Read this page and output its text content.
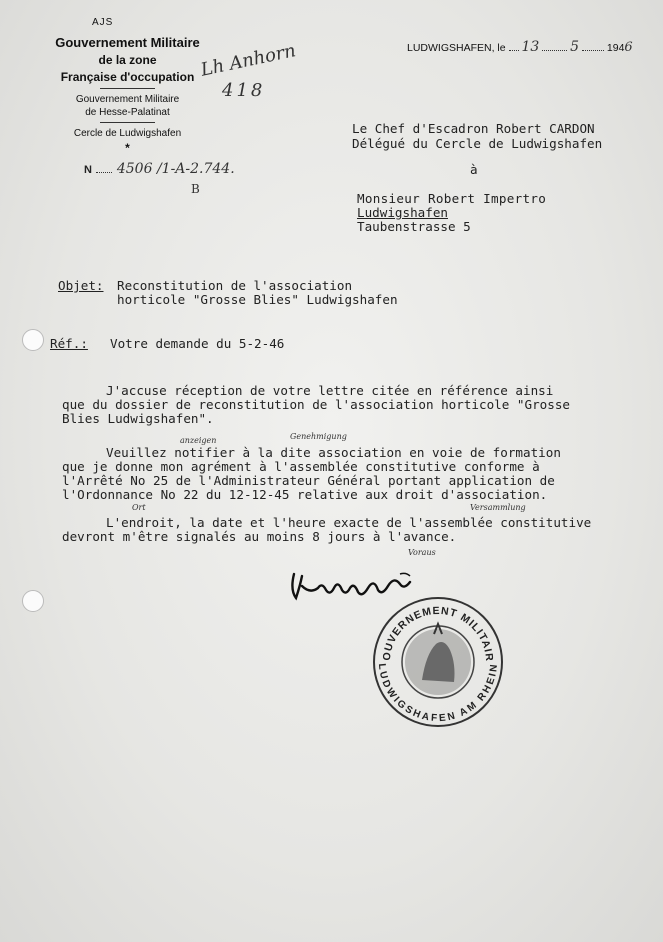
AJS
Gouvernement Militaire
de la zone
Française d'occupation
Gouvernement Militaire
de Hesse-Palatinat
Cercle de Ludwigshafen
*
Lh Anhorn
418
N 4506 /1-A-2.744.
B
LUDWIGSHAFEN, le 13 5	1946
Le Chef d'Escadron Robert CARDON
Délégué du Cercle de Ludwigshafen
à
Monsieur Robert Impertro
Ludwigshafen
Taubenstrasse 5
Objet: Reconstitution de l'association
horticole "Grosse Blies" Ludwigshafen
Réf.: Votre demande du 5-2-46
J'accuse réception de votre lettre citée en référence ainsi
que du dossier de reconstitution de l'association horticole "Grosse
Blies Ludwigshafen".
anzeigen	Genehmigung
Veuillez notifier à la dite association en voie de formation
que je donne mon agrément à l'assemblée constitutive conforme à
l'Arrêté No 25 de l'Administrateur Général portant application de
l'Ordonnance No 22 du 12-12-45 relative aux droit d'association.
Ort	Versammlung
L'endroit, la date et l'heure exacte de l'assemblée constitutive
devront m'être signalés au moins 8 jours à l'avance.
Voraus
OUVERNEMENT MILITAIR
LUDWIGSHAFEN AM RHEIN
